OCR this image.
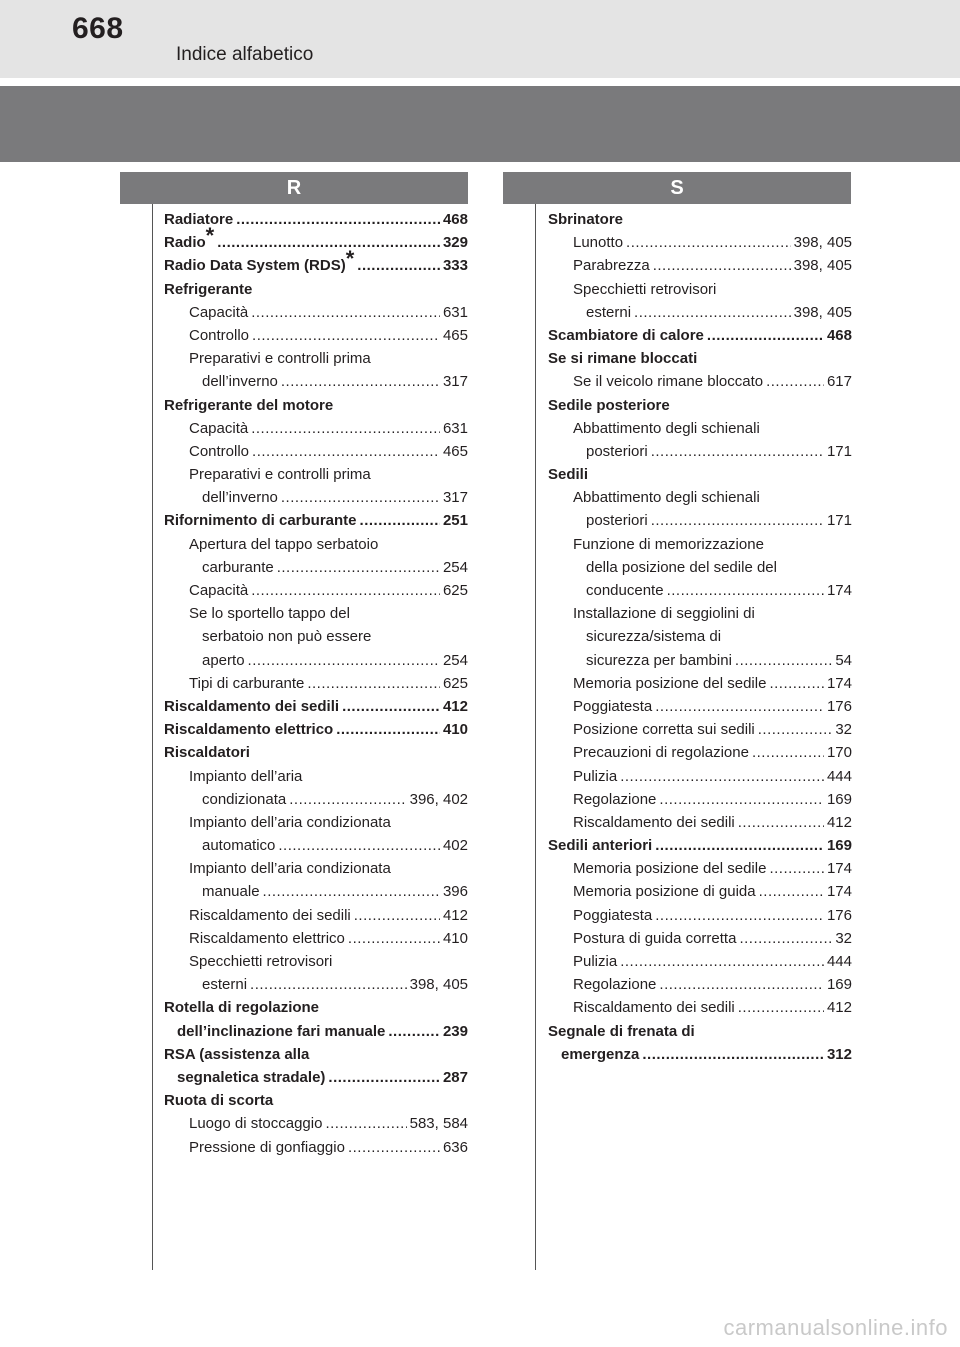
668
Indice alfabetico
R	S
Radiatore .....	468
Radio* .....	329
Radio Data System (RDS)* .....	333
Refrigerante
Capacità .....	631
Controllo .....	465
Preparativi e controlli prima
dell’inverno .....	317
Refrigerante del motore
Capacità .....	631
Controllo .....	465
Preparativi e controlli prima
dell’inverno .....	317
Rifornimento di carburante .....	251
Apertura del tappo serbatoio
carburante .....	254
Capacità .....	625
Se lo sportello tappo del
serbatoio non può essere
aperto .....	254
Tipi di carburante .....	625
Riscaldamento dei sedili .....	412
Riscaldamento elettrico .....	410
Riscaldatori
Impianto dell’aria
condizionata .....	396, 402
Impianto dell’aria condizionata
automatico .....	402
Impianto dell’aria condizionata
manuale .....	396
Riscaldamento dei sedili .....	412
Riscaldamento elettrico .....	410
Specchietti retrovisori
esterni .....	398, 405
Rotella di regolazione
dell’inclinazione fari manuale .....	239
RSA (assistenza alla
segnaletica stradale) .....	287
Ruota di scorta
Luogo di stoccaggio .....	583, 584
Pressione di gonfiaggio .....	636
Sbrinatore
Lunotto .....	398, 405
Parabrezza .....	398, 405
Specchietti retrovisori
esterni .....	398, 405
Scambiatore di calore .....	468
Se si rimane bloccati
Se il veicolo rimane bloccato .....	617
Sedile posteriore
Abbattimento degli schienali
posteriori .....	171
Sedili
Abbattimento degli schienali
posteriori .....	171
Funzione di memorizzazione
della posizione del sedile del
conducente .....	174
Installazione di seggiolini di
sicurezza/sistema di
sicurezza per bambini .....	54
Memoria posizione del sedile .....	174
Poggiatesta .....	176
Posizione corretta sui sedili .....	32
Precauzioni di regolazione .....	170
Pulizia .....	444
Regolazione .....	169
Riscaldamento dei sedili .....	412
Sedili anteriori .....	169
Memoria posizione del sedile .....	174
Memoria posizione di guida .....	174
Poggiatesta .....	176
Postura di guida corretta .....	32
Pulizia .....	444
Regolazione .....	169
Riscaldamento dei sedili .....	412
Segnale di frenata di
emergenza .....	312
carmanualsonline.info
